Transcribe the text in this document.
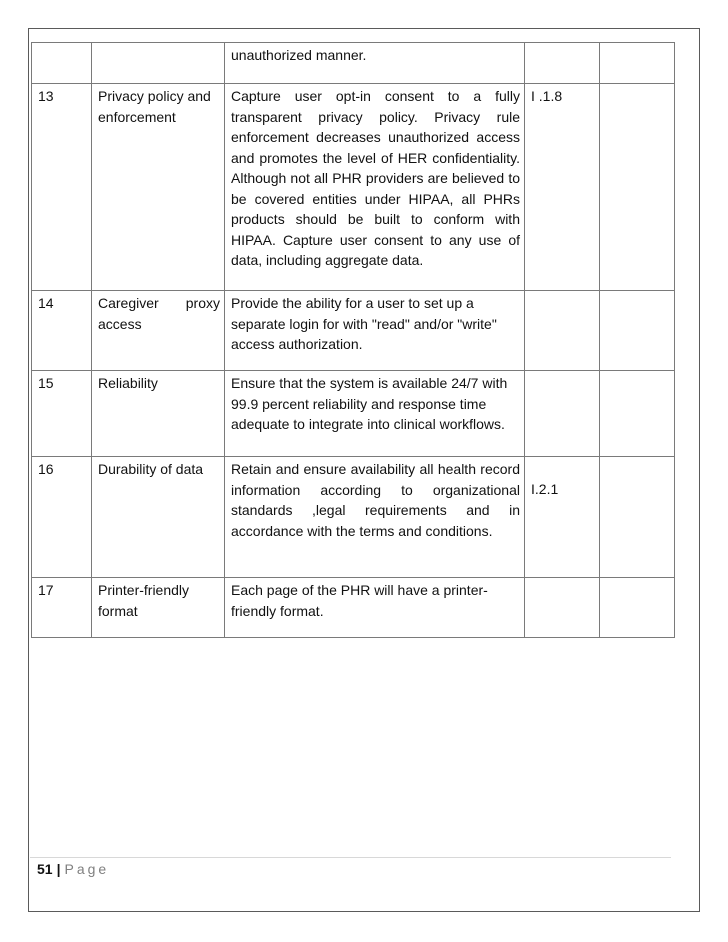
		unauthorized manner.			
13	Privacy policy and enforcement	Capture user opt-in consent to a fully transparent privacy policy. Privacy rule enforcement decreases unauthorized access and promotes the level of HER confidentiality. Although not all PHR providers are believed to be covered entities under HIPAA, all PHRs products should be built to conform with HIPAA. Capture user consent to any use of data, including aggregate data.	I .1.8		
14	Caregiver proxy access	Provide the ability for a user to set up a separate login for with "read" and/or "write" access authorization.			
15	Reliability	Ensure that the system is available 24/7 with 99.9 percent reliability and response time adequate to integrate into clinical workflows.			
16	Durability of data	Retain and ensure availability all health record information according to organizational standards ,legal requirements and in accordance with the terms and conditions.	I.2.1		
17	Printer-friendly format	Each page of the PHR will have a printer-friendly format.			
51 | Page
